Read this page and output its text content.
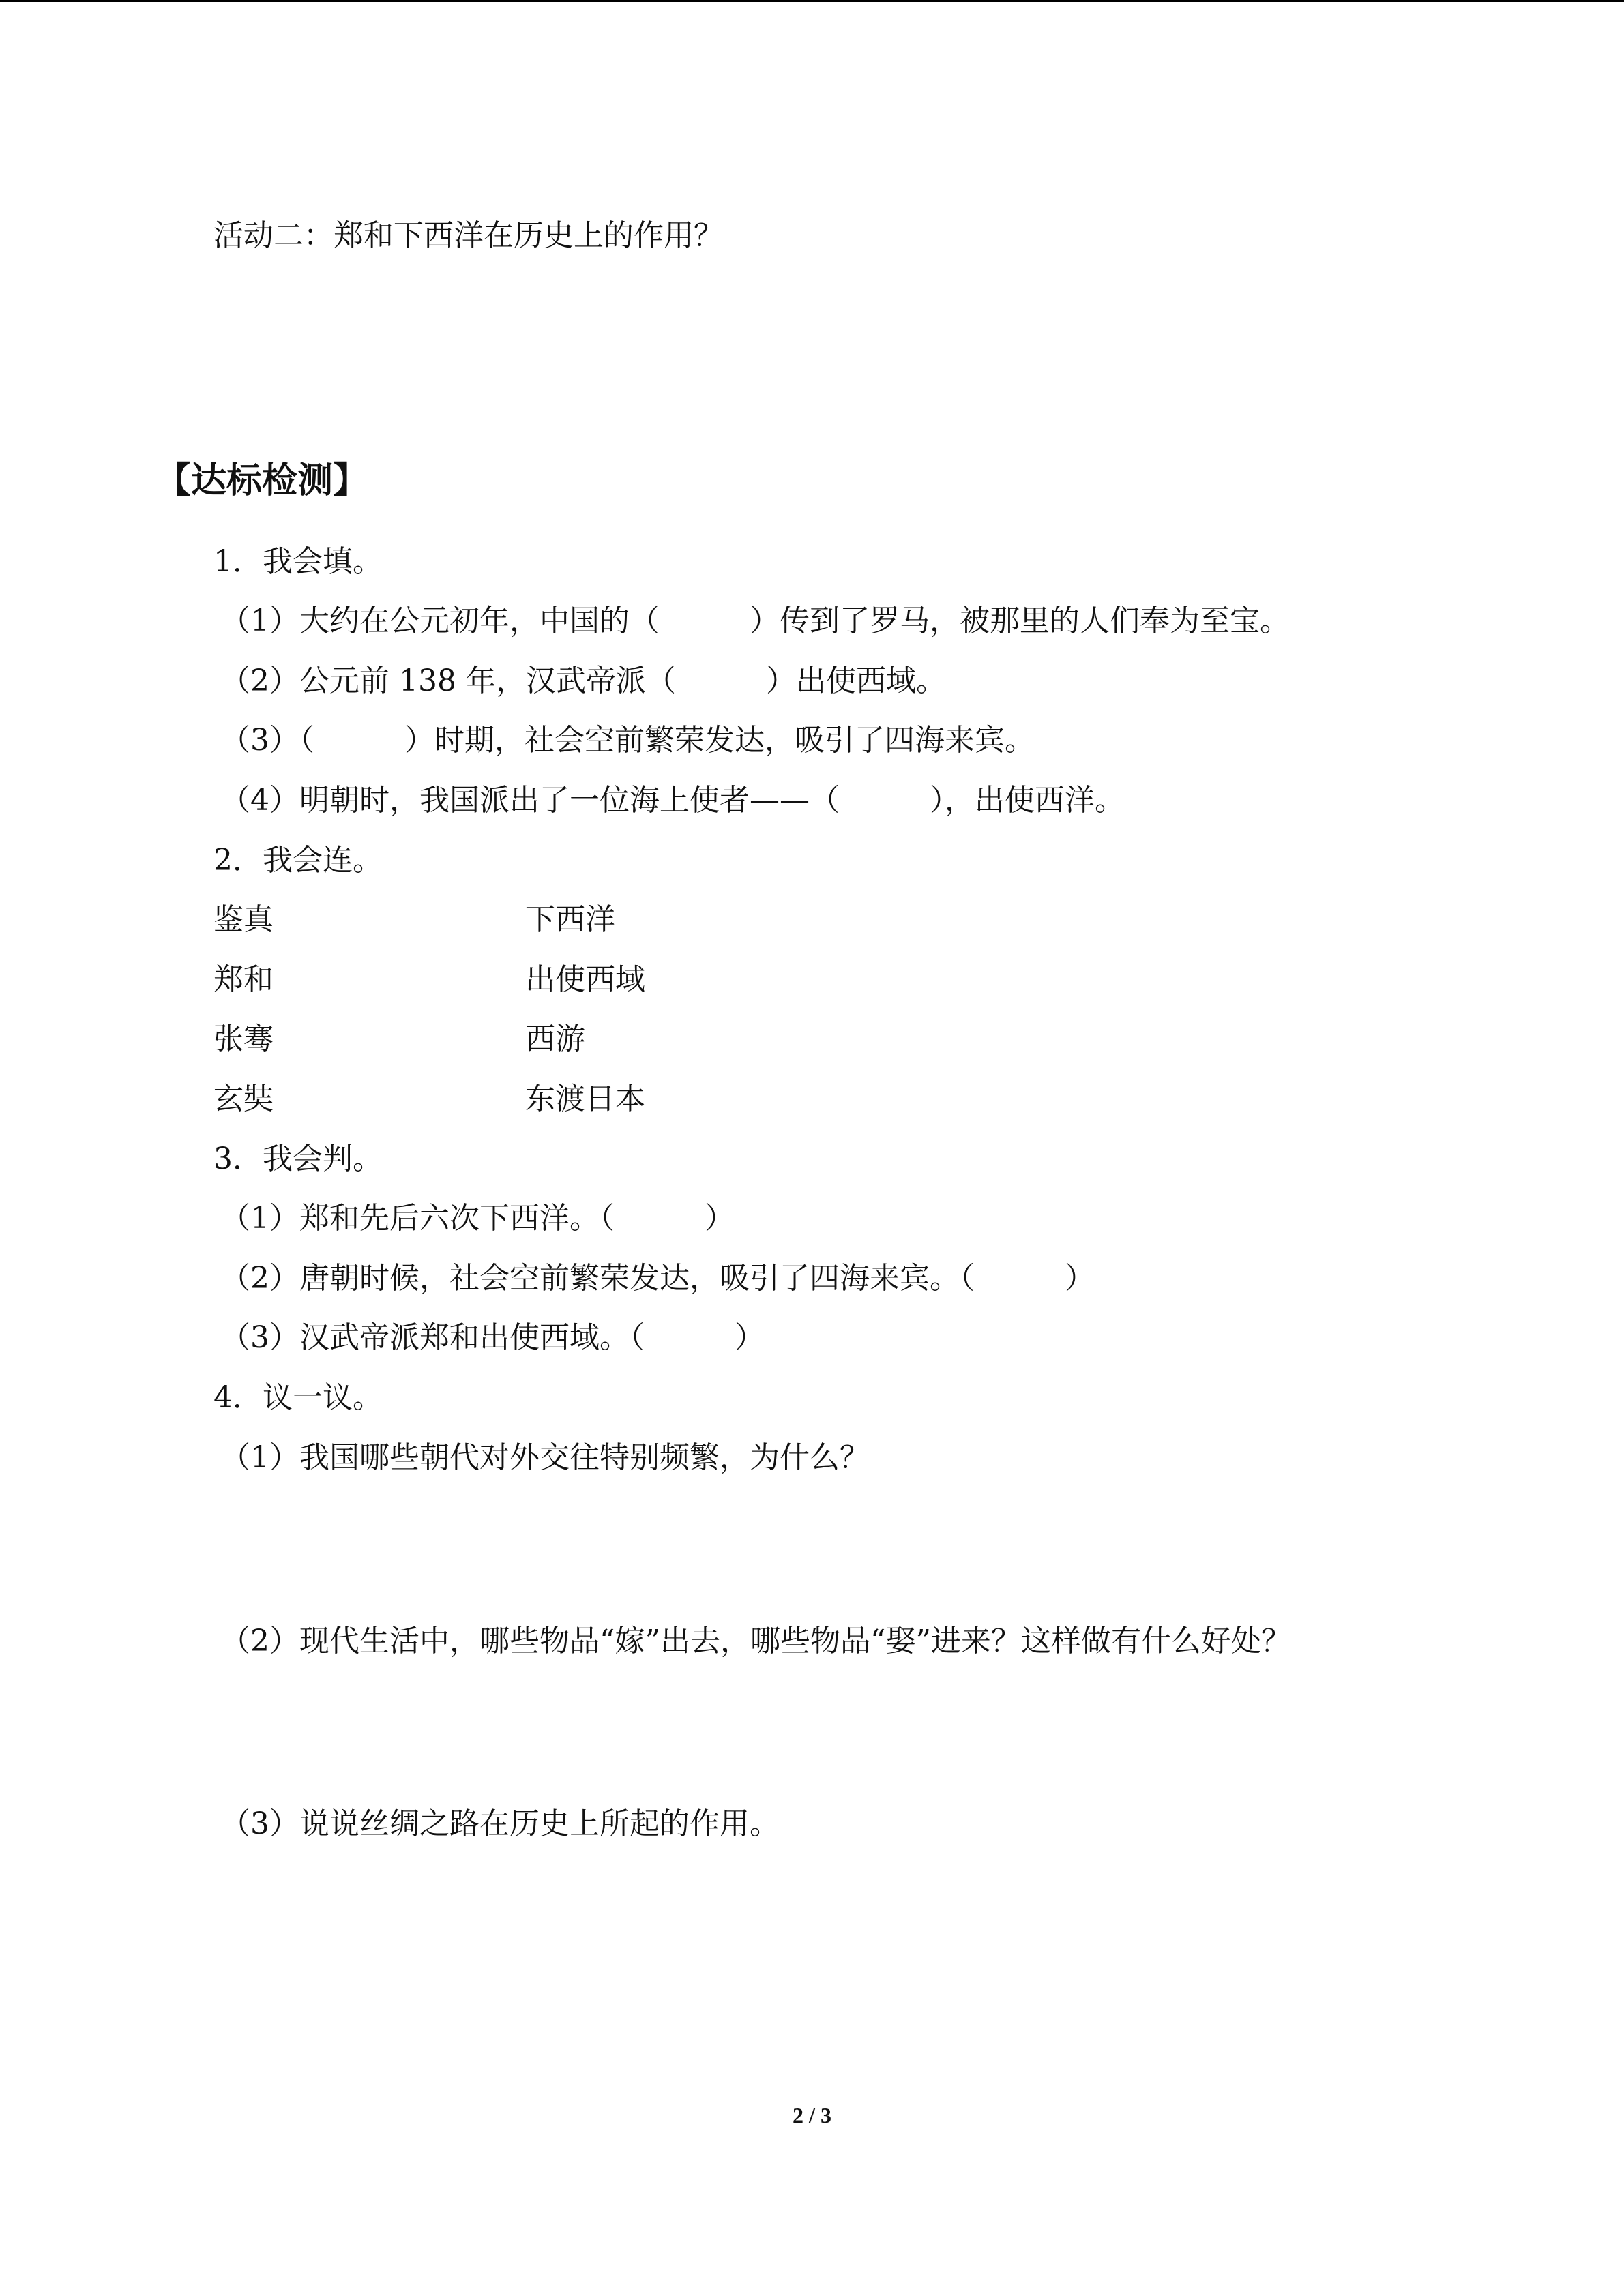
活动二：郑和下西洋在历史上的作用？
【达标检测】
1．我会填。
（1）大约在公元初年，中国的（　　　）传到了罗马，被那里的人们奉为至宝。
（2）公元前 138 年，汉武帝派（　　　）出使西域。
（3）（　　　）时期，社会空前繁荣发达，吸引了四海来宾。
（4）明朝时，我国派出了一位海上使者——（　　　），出使西洋。
2．我会连。
鉴真	下西洋
郑和	出使西域
张骞	西游
玄奘	东渡日本
3．我会判。
（1）郑和先后六次下西洋。（　　　）
（2）唐朝时候，社会空前繁荣发达，吸引了四海来宾。（　　　）
（3）汉武帝派郑和出使西域。（　　　）
4．议一议。
（1）我国哪些朝代对外交往特别频繁，为什么？
（2）现代生活中，哪些物品“嫁”出去，哪些物品“娶”进来？这样做有什么好处？
（3）说说丝绸之路在历史上所起的作用。
2 / 3
